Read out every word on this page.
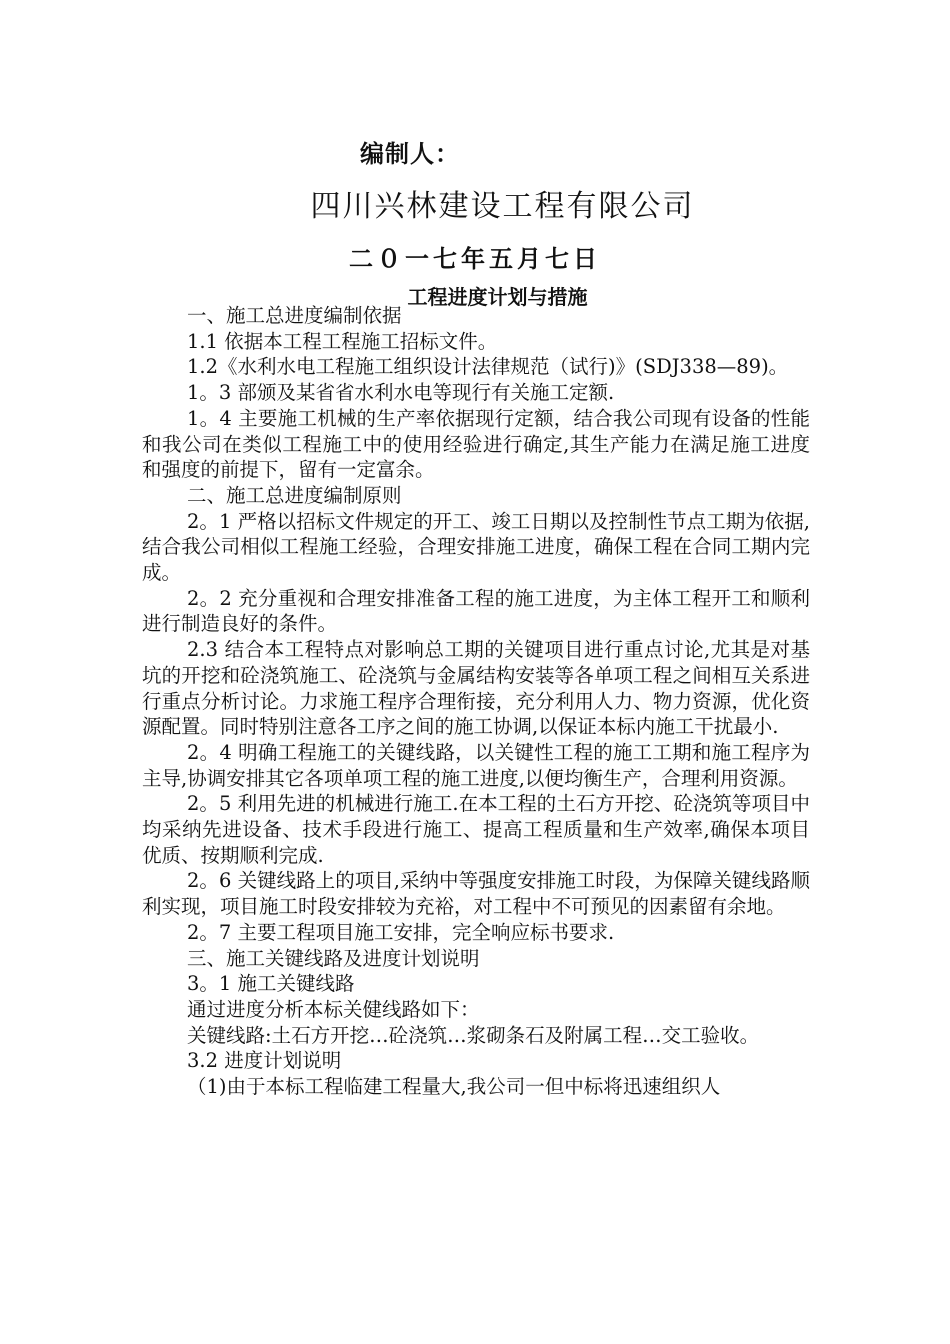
编制人：
四川兴林建设工程有限公司
二０一七年五月七日
工程进度计划与措施

一、施工总进度编制依据

1.1 依据本工程工程施工招标文件。

1.2《水利水电工程施工组织设计法律规范（试行)》(SDJ338—89)。

1。3 部颁及某省省水利水电等现行有关施工定额.

1。4 主要施工机械的生产率依据现行定额，结合我公司现有设备的性能和我公司在类似工程施工中的使用经验进行确定,其生产能力在满足施工进度和强度的前提下，留有一定富余。

二、施工总进度编制原则

2。1 严格以招标文件规定的开工、竣工日期以及控制性节点工期为依据,结合我公司相似工程施工经验，合理安排施工进度，确保工程在合同工期内完成。

2。2 充分重视和合理安排准备工程的施工进度，为主体工程开工和顺利进行制造良好的条件。

2.3 结合本工程特点对影响总工期的关键项目进行重点讨论,尤其是对基坑的开挖和砼浇筑施工、砼浇筑与金属结构安装等各单项工程之间相互关系进行重点分析讨论。力求施工程序合理衔接，充分利用人力、物力资源，优化资源配置。同时特别注意各工序之间的施工协调,以保证本标内施工干扰最小.

2。4 明确工程施工的关键线路，以关键性工程的施工工期和施工程序为主导,协调安排其它各项单项工程的施工进度,以便均衡生产，合理利用资源。

2。5 利用先进的机械进行施工.在本工程的土石方开挖、砼浇筑等项目中均采纳先进设备、技术手段进行施工、提高工程质量和生产效率,确保本项目优质、按期顺利完成.

2。6 关键线路上的项目,采纳中等强度安排施工时段，为保障关键线路顺利实现，项目施工时段安排较为充裕，对工程中不可预见的因素留有余地。

2。7 主要工程项目施工安排，完全响应标书要求.

三、施工关键线路及进度计划说明

3。1 施工关键线路

通过进度分析本标关健线路如下：

关键线路:土石方开挖…砼浇筑…浆砌条石及附属工程…交工验收。

3.2 进度计划说明

（1)由于本标工程临建工程量大,我公司一但中标将迅速组织人
